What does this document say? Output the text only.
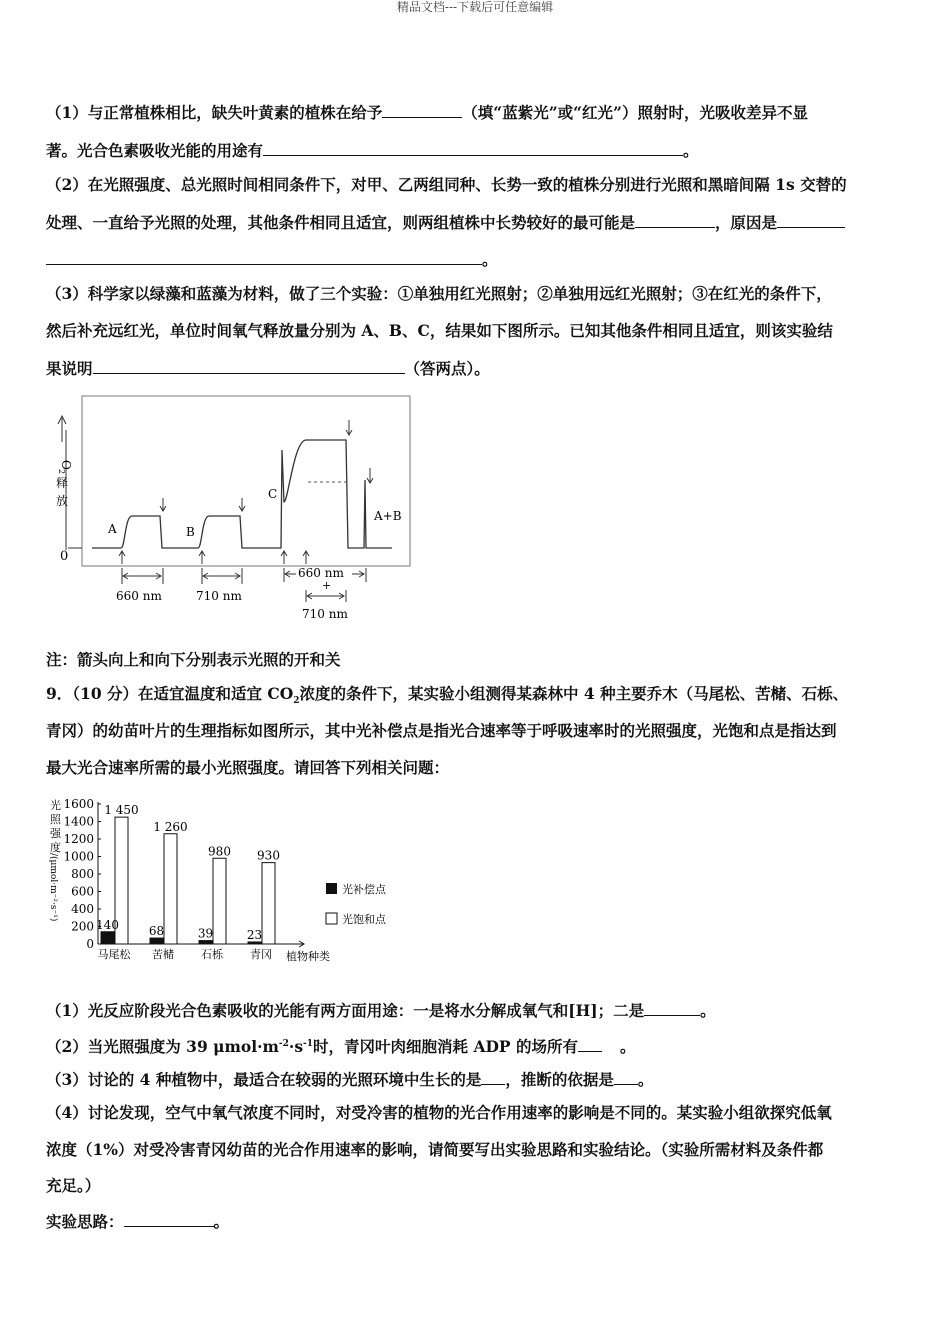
精品文档---下载后可任意编辑
（1）与正常植株相比，缺失叶黄素的植株在给予	（填“蓝紫光”或“红光”）照射时，光吸收差异不显
著。光合色素吸收光能的用途有	。
（2）在光照强度、总光照时间相同条件下，对甲、乙两组同种、长势一致的植株分别进行光照和黑暗间隔 1s 交替的
处理、一直给予光照的处理，其他条件相同且适宜，则两组植株中长势较好的最可能是	，原因是
。
（3）科学家以绿藻和蓝藻为材料，做了三个实验：①单独用红光照射；②单独用远红光照射；③在红光的条件下，
然后补充远红光，单位时间氧气释放量分别为 A、B、C，结果如下图所示。已知其他条件相同且适宜，则该实验结
果说明	（答两点）。
0
O
2
释
放
A	B
C
A+B
660 nm	710 nm
660 nm
+
710 nm
注：箭头向上和向下分别表示光照的开和关
9．（10 分）在适宜温度和适宜 $CO_2$浓度的条件下，某实验小组测得某森林中 4 种主要乔木（马尾松、苦槠、石栎、
青冈）的幼苗叶片的生理指标如图所示，其中光补偿点是指光合速率等于呼吸速率时的光照强度，光饱和点是指达到
最大光合速率所需的最小光照强度。请回答下列相关问题：
光
照
强
度
/(μmol·m⁻²·s⁻¹)
0
200
400
600
800
1000
1200
1400
1600
140
1 450
马尾松
68
1 260
苦槠
39
980
石栎
23
930
青冈 植物种类
光补偿点
光饱和点
（1）光反应阶段光合色素吸收的光能有两方面用途：一是将水分解成氧气和[H]；二是	。
（2）当光照强度为 39 $\mu mol\cdot m^{-2}\cdot s^{-1}$时，青冈叶肉细胞消耗 ADP 的场所有	。
（3）讨论的 4 种植物中，最适合在较弱的光照环境中生长的是 ，推断的依据是 。
（4）讨论发现，空气中氧气浓度不同时，对受冷害的植物的光合作用速率的影响是不同的。某实验小组欲探究低氧
浓度（1%）对受冷害青冈幼苗的光合作用速率的影响，请简要写出实验思路和实验结论。（实验所需材料及条件都
充足。）
实验思路：	。
